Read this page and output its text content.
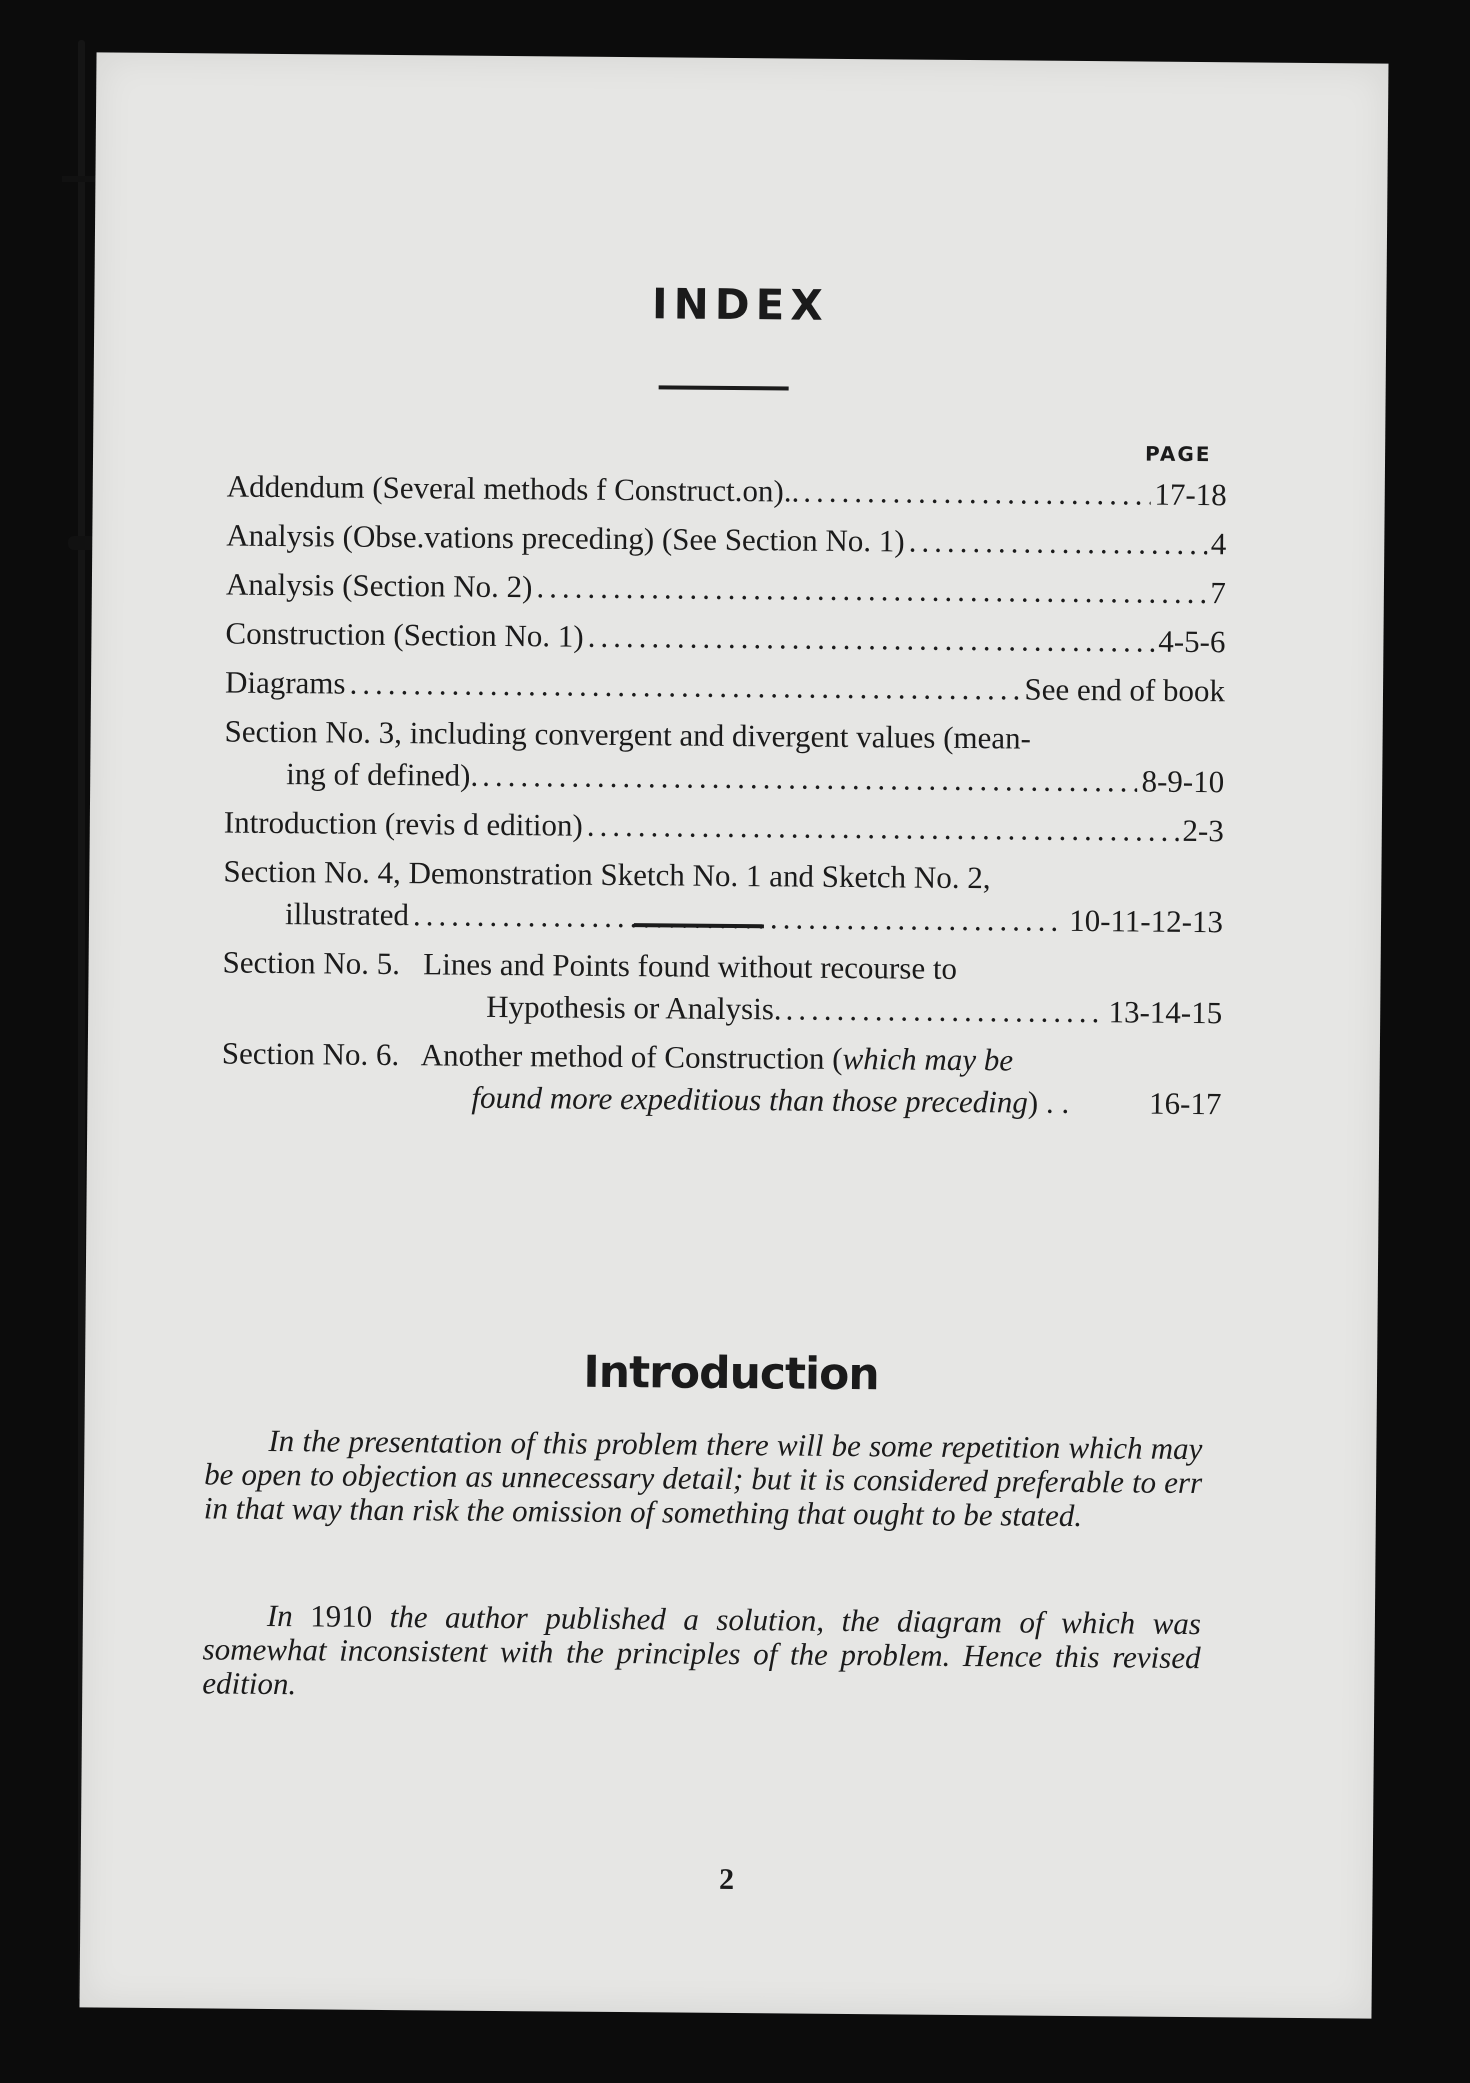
INDEX
PAGE
Addendum (Several methods f Construct.on).. .....	17-18
Analysis (Obse.vations preceding) (See Section No. 1) .....	4
Analysis (Section No. 2) .....	7
Construction (Section No. 1) .....	4-5-6
Diagrams .....	See end of book
Section No. 3, including convergent and divergent values (mean-
ing of defined). .....	8-9-10
Introduction (revis d edition) .....	2-3
Section No. 4, Demonstration Sketch No. 1 and Sketch No. 2,
illustrated .....	10-11-12-13
Section No. 5.   Lines and Points found without recourse to
Hypothesis or Analysis. .....	13-14-15
Section No. 6.   Another method of Construction (which may be
found more expeditious than those preceding) . .	16-17
Introduction
In the presentation of this problem there will be some repetition which may be open to objection as unnecessary detail; but it is considered preferable to err in that way than risk the omission of something that ought to be stated.
In 1910 the author published a solution, the diagram of which was somewhat inconsistent with the principles of the problem. Hence this revised edition.
2
